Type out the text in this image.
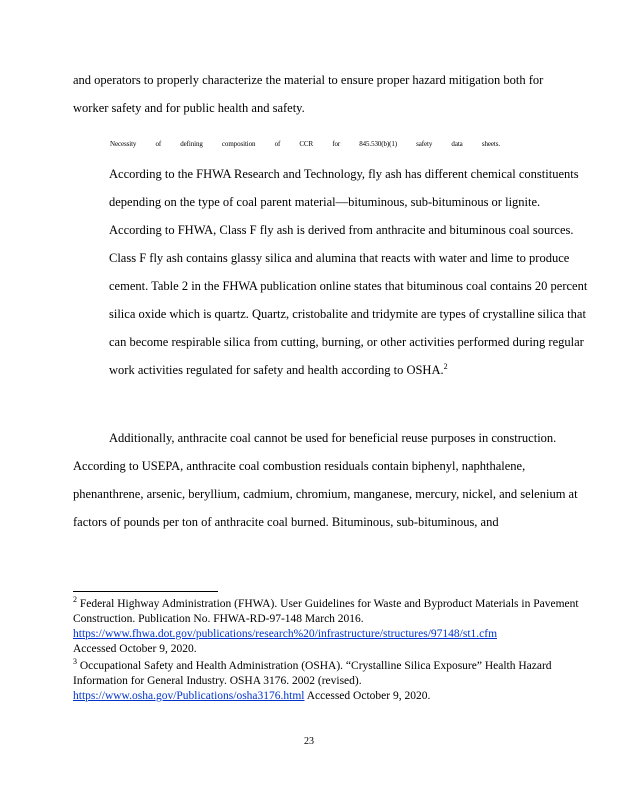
and operators to properly characterize the material to ensure proper hazard mitigation both for worker safety and for public health and safety.

Necessity	of	defining	composition	of	CCR	for	845.530(b)(1)	safety	data	sheets.

According to the FHWA Research and Technology, fly ash has different chemical constituents depending on the type of coal parent material—bituminous, sub-bituminous or lignite. According to FHWA, Class F fly ash is derived from anthracite and bituminous coal sources. Class F fly ash contains glassy silica and alumina that reacts with water and lime to produce cement. Table 2 in the FHWA publication online states that bituminous coal contains 20 percent silica oxide which is quartz. Quartz, cristobalite and tridymite are types of crystalline silica that can become respirable silica from cutting, burning, or other activities performed during regular work activities regulated for safety and health according to OSHA.$^2$

Additionally, anthracite coal cannot be used for beneficial reuse purposes in construction. According to USEPA, anthracite coal combustion residuals contain biphenyl, naphthalene, phenanthrene, arsenic, beryllium, cadmium, chromium, manganese, mercury, nickel, and selenium at factors of pounds per ton of anthracite coal burned. Bituminous, sub-bituminous, and

$^2$ Federal Highway Administration (FHWA). User Guidelines for Waste and Byproduct Materials in Pavement Construction. Publication No. FHWA-RD-97-148 March 2016.
https://www.fhwa.dot.gov/publications/research%20/infrastructure/structures/97148/st1.cfm
Accessed October 9, 2020.

$^3$ Occupational Safety and Health Administration (OSHA). “Crystalline Silica Exposure” Health Hazard Information for General Industry. OSHA 3176. 2002 (revised).
https://www.osha.gov/Publications/osha3176.html Accessed October 9, 2020.

23
